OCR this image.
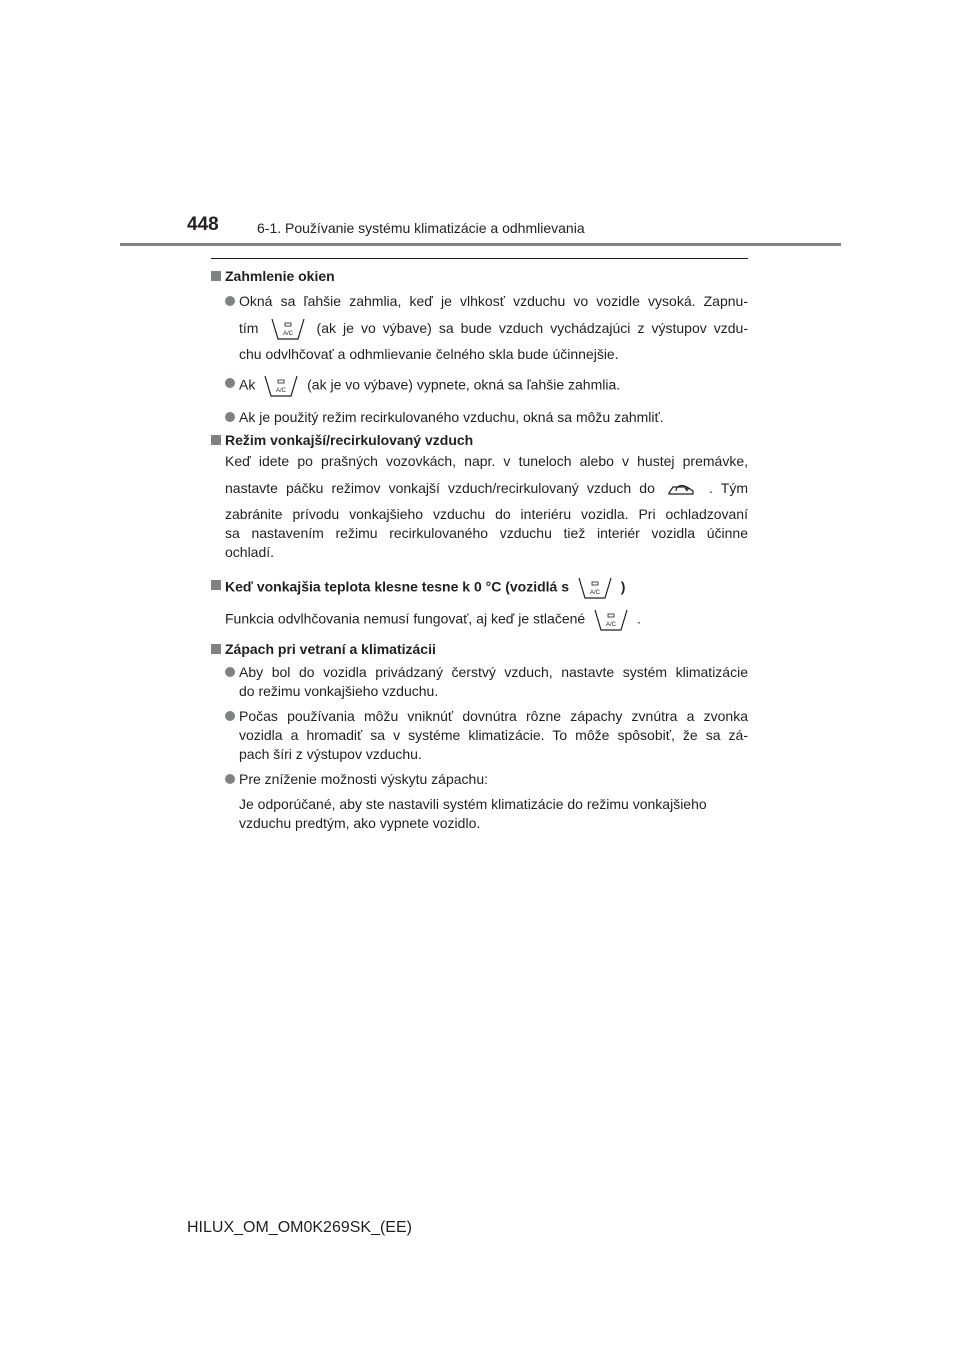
448	6-1. Používanie systému klimatizácie a odhmlievania
Zahmlenie okien
Okná sa ľahšie zahmlia, keď je vlhkosť vzduchu vo vozidle vysoká. Zapnu-
tím	A/C (ak je vo výbave) sa bude vzduch vychádzajúci z výstupov vzdu-
chu odvlhčovať a odhmlievanie čelného skla bude účinnejšie.
Ak	A/C (ak je vo výbave) vypnete, okná sa ľahšie zahmlia.
Ak je použitý režim recirkulovaného vzduchu, okná sa môžu zahmliť.
Režim vonkajší/recirkulovaný vzduch
Keď idete po prašných vozovkách, napr. v tuneloch alebo v hustej premávke,
nastavte páčku režimov vonkajší vzduch/recirkulovaný vzduch do	. Tým
zabránite prívodu vonkajšieho vzduchu do interiéru vozidla. Pri ochladzovaní
sa nastavením režimu recirkulovaného vzduchu tiež interiér vozidla účinne
ochladí.
Keď vonkajšia teplota klesne tesne k 0 °C (vozidlá s	A/C )
Funkcia odvlhčovania nemusí fungovať, aj keď je stlačené	A/C .
Zápach pri vetraní a klimatizácii
Aby bol do vozidla privádzaný čerstvý vzduch, nastavte systém klimatizácie
do režimu vonkajšieho vzduchu.
Počas používania môžu vniknúť dovnútra rôzne zápachy zvnútra a zvonka
vozidla a hromadiť sa v systéme klimatizácie. To môže spôsobiť, že sa zá-
pach šíri z výstupov vzduchu.
Pre zníženie možnosti výskytu zápachu:
Je odporúčané, aby ste nastavili systém klimatizácie do režimu vonkajšieho
vzduchu predtým, ako vypnete vozidlo.
HILUX_OM_OM0K269SK_(EE)
